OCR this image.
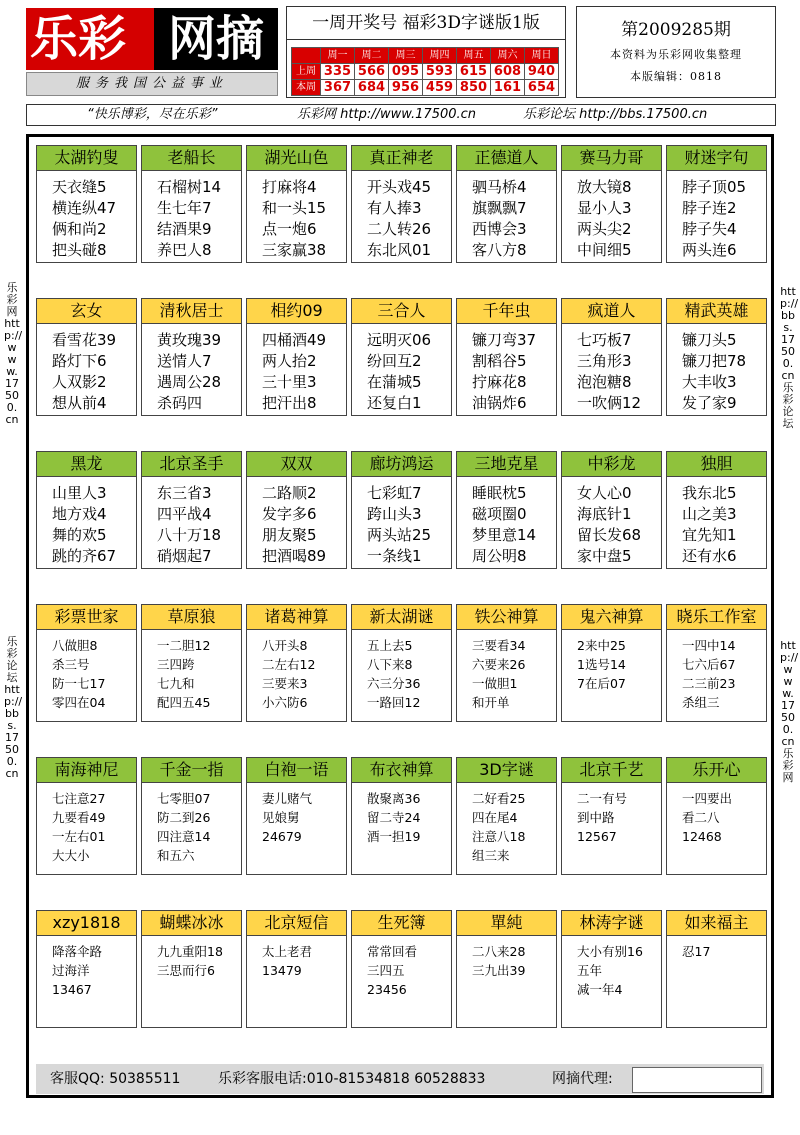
乐彩 网摘
服务我国公益事业
一周开奖号 福彩3D字谜版1版
	周一	周二	周三	周四	周五	周六	周日
上周	335	566	095	593	615	608	940
本周	367	684	956	459	850	161	654
第2009285期
本资料为乐彩网收集整理
本版编辑：0818
“快乐博彩，尽在乐彩”	乐彩网 http://www.17500.cn	乐彩论坛 http://bbs.17500.cn
乐彩网 http://www.17500.cn
乐彩论坛 http://bbs.17500.cn
http://bbs.17500.cn 乐彩论坛
http://www.17500.cn 乐彩网
太湖钓叟
天衣缝5
横连纵47
俩和尚2
把头碰8
老船长
石榴树14
生七年7
结酒果9
养巴人8
湖光山色
打麻将4
和一头15
点一炮6
三家赢38
真正神老
开头戏45
有人捧3
二人转26
东北风01
正德道人
驷马桥4
旗飘飘7
西博会3
客八方8
赛马力哥
放大镜8
显小人3
两头尖2
中间细5
财迷字句
脖子顶05
脖子连2
脖子失4
两头连6
玄女
看雪花39
路灯下6
人双影2
想从前4
清秋居士
黄玫瑰39
送情人7
遇周公28
杀码四
相约09
四桶酒49
两人抬2
三十里3
把汗出8
三合人
远明灭06
纷回互2
在蒲城5
还复白1
千年虫
镰刀弯37
割稻谷5
拧麻花8
油锅炸6
疯道人
七巧板7
三角形3
泡泡糖8
一吹俩12
精武英雄
镰刀头5
镰刀把78
大丰收3
发了家9
黑龙
山里人3
地方戏4
舞的欢5
跳的齐67
北京圣手
东三省3
四平战4
八十万18
硝烟起7
双双
二路顺2
发字多6
朋友聚5
把酒喝89
廊坊鸿运
七彩虹7
跨山头3
两头站25
一条线1
三地克星
睡眠枕5
磁项圈0
梦里意14
周公明8
中彩龙
女人心0
海底针1
留长发68
家中盘5
独胆
我东北5
山之美3
宜先知1
还有水6
彩票世家
八做胆8
杀三号
防一七17
零四在04
草原狼
一二胆12
三四跨
七九和
配四五45
诸葛神算
八开头8
二左右12
三要来3
小六防6
新太湖谜
五上去5
八下来8
六三分36
一路回12
铁公神算
三要看34
六要来26
一做胆1
和开单
鬼六神算
2来中25
1选号14
7在后07
晓乐工作室
一四中14
七六后67
二三前23
杀组三
南海神尼
七注意27
九要看49
一左右01
大大小
千金一指
七零胆07
防二到26
四注意14
和五六
白袍一语
妻儿赌气
见娘舅
24679
布衣神算
散聚离36
留二寺24
酒一担19
3D字谜
二好看25
四在尾4
注意八18
组三来
北京千艺
二一有号
到中路
12567
乐开心
一四要出
看二八
12468
xzy1818
降落伞路
过海洋
13467
蝴蝶冰冰
九九重阳18
三思而行6
北京短信
太上老君
13479
生死簿
常常回看
三四五
23456
單純
二八来28
三九出39
林涛字谜
大小有别16
五年
减一年4
如来福主
忍17
客服QQ: 50385511	乐彩客服电话:010-81534818 60528833	网摘代理:
